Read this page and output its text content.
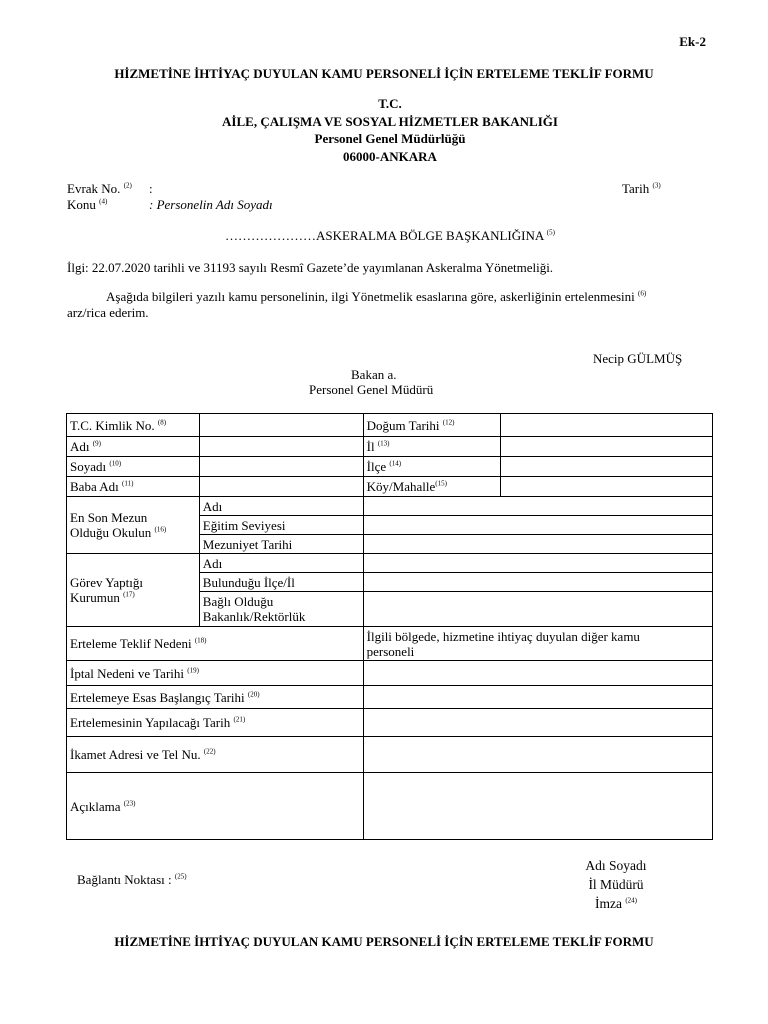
Ek-2
HİZMETİNE İHTİYAÇ DUYULAN KAMU PERSONELİ İÇİN ERTELEME TEKLİF FORMU
T.C.
AİLE, ÇALIŞMA VE SOSYAL HİZMETLER BAKANLIĞI
Personel Genel Müdürlüğü
06000-ANKARA
Evrak No. $^{(2)}$ :	Tarih $^{(3)}$
Konu $^{(4)}$	: Personelin Adı Soyadı
…………………ASKERALMA BÖLGE BAŞKANLIĞINA $^{(5)}$
İlgi: 22.07.2020 tarihli ve 31193 sayılı Resmî Gazete’de yayımlanan Askeralma Yönetmeliği.
Aşağıda bilgileri yazılı kamu personelinin, ilgi Yönetmelik esaslarına göre, askerliğinin ertelenmesini $^{(6)}$
arz/rica ederim.
Necip GÜLMÜŞ
Bakan a.
Personel Genel Müdürü
T.C. Kimlik No. $^{(8)}$		Doğum Tarihi $^{(12)}$	
Adı $^{(9)}$		İl $^{(13)}$	
Soyadı $^{(10)}$		İlçe $^{(14)}$	
Baba Adı $^{(11)}$		Köy/Mahalle$^{(15)}$	

En Son Mezun
Olduğu Okulun $^{(16)}$	Adı		
	Eğitim Seviyesi		
	Mezuniyet Tarihi		

Görev Yaptığı
Kurumun $^{(17)}$	Adı		
	Bulunduğu İlçe/İl		

	Bağlı Olduğu
Bakanlık/Rektörlük		

Erteleme Teklif Nedeni $^{(18)}$		İlgili bölgede, hizmetine ihtiyaç duyulan diğer kamu
personeli	

İptal Nedeni ve Tarihi $^{(19)}$	
Ertelemeye Esas Başlangıç Tarihi $^{(20)}$	
Ertelemesinin Yapılacağı Tarih $^{(21)}$	
İkamet Adresi ve Tel Nu. $^{(22)}$	
Açıklama $^{(23)}$	
Bağlantı Noktası : $^{(25)}$
Adı Soyadı
İl Müdürü
İmza $^{(24)}$
HİZMETİNE İHTİYAÇ DUYULAN KAMU PERSONELİ İÇİN ERTELEME TEKLİF FORMU
